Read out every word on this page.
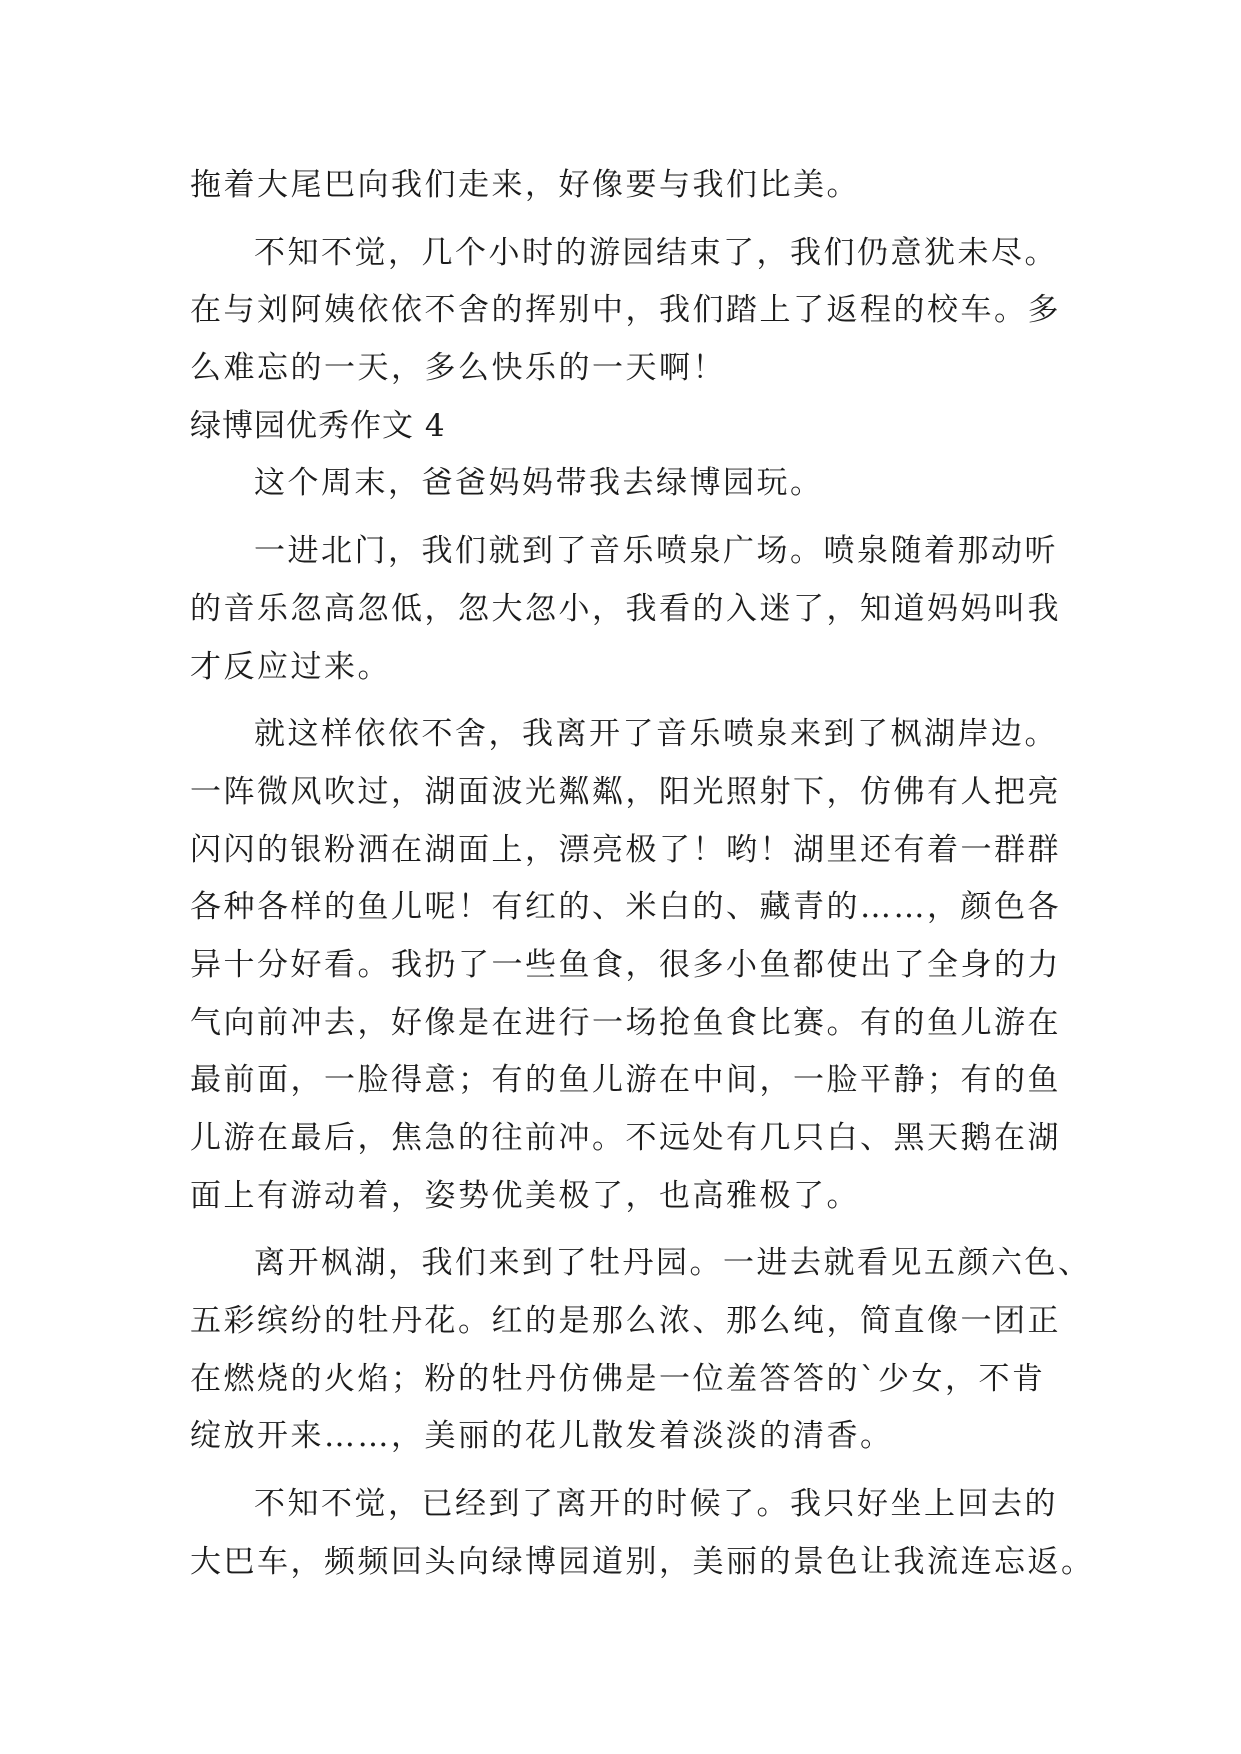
拖着大尾巴向我们走来，好像要与我们比美。
不知不觉，几个小时的游园结束了，我们仍意犹未尽。
在与刘阿姨依依不舍的挥别中，我们踏上了返程的校车。多
么难忘的一天，多么快乐的一天啊！
绿博园优秀作文 4
这个周末，爸爸妈妈带我去绿博园玩。
一进北门，我们就到了音乐喷泉广场。喷泉随着那动听
的音乐忽高忽低，忽大忽小，我看的入迷了，知道妈妈叫我
才反应过来。
就这样依依不舍，我离开了音乐喷泉来到了枫湖岸边。
一阵微风吹过，湖面波光粼粼，阳光照射下，仿佛有人把亮
闪闪的银粉洒在湖面上，漂亮极了！哟！湖里还有着一群群
各种各样的鱼儿呢！有红的、米白的、藏青的……，颜色各
异十分好看。我扔了一些鱼食，很多小鱼都使出了全身的力
气向前冲去，好像是在进行一场抢鱼食比赛。有的鱼儿游在
最前面，一脸得意；有的鱼儿游在中间，一脸平静；有的鱼
儿游在最后，焦急的往前冲。不远处有几只白、黑天鹅在湖
面上有游动着，姿势优美极了，也高雅极了。
离开枫湖，我们来到了牡丹园。一进去就看见五颜六色、
五彩缤纷的牡丹花。红的是那么浓、那么纯，简直像一团正
在燃烧的火焰；粉的牡丹仿佛是一位羞答答的`少女，不肯
绽放开来……，美丽的花儿散发着淡淡的清香。
不知不觉，已经到了离开的时候了。我只好坐上回去的
大巴车，频频回头向绿博园道别，美丽的景色让我流连忘返。
